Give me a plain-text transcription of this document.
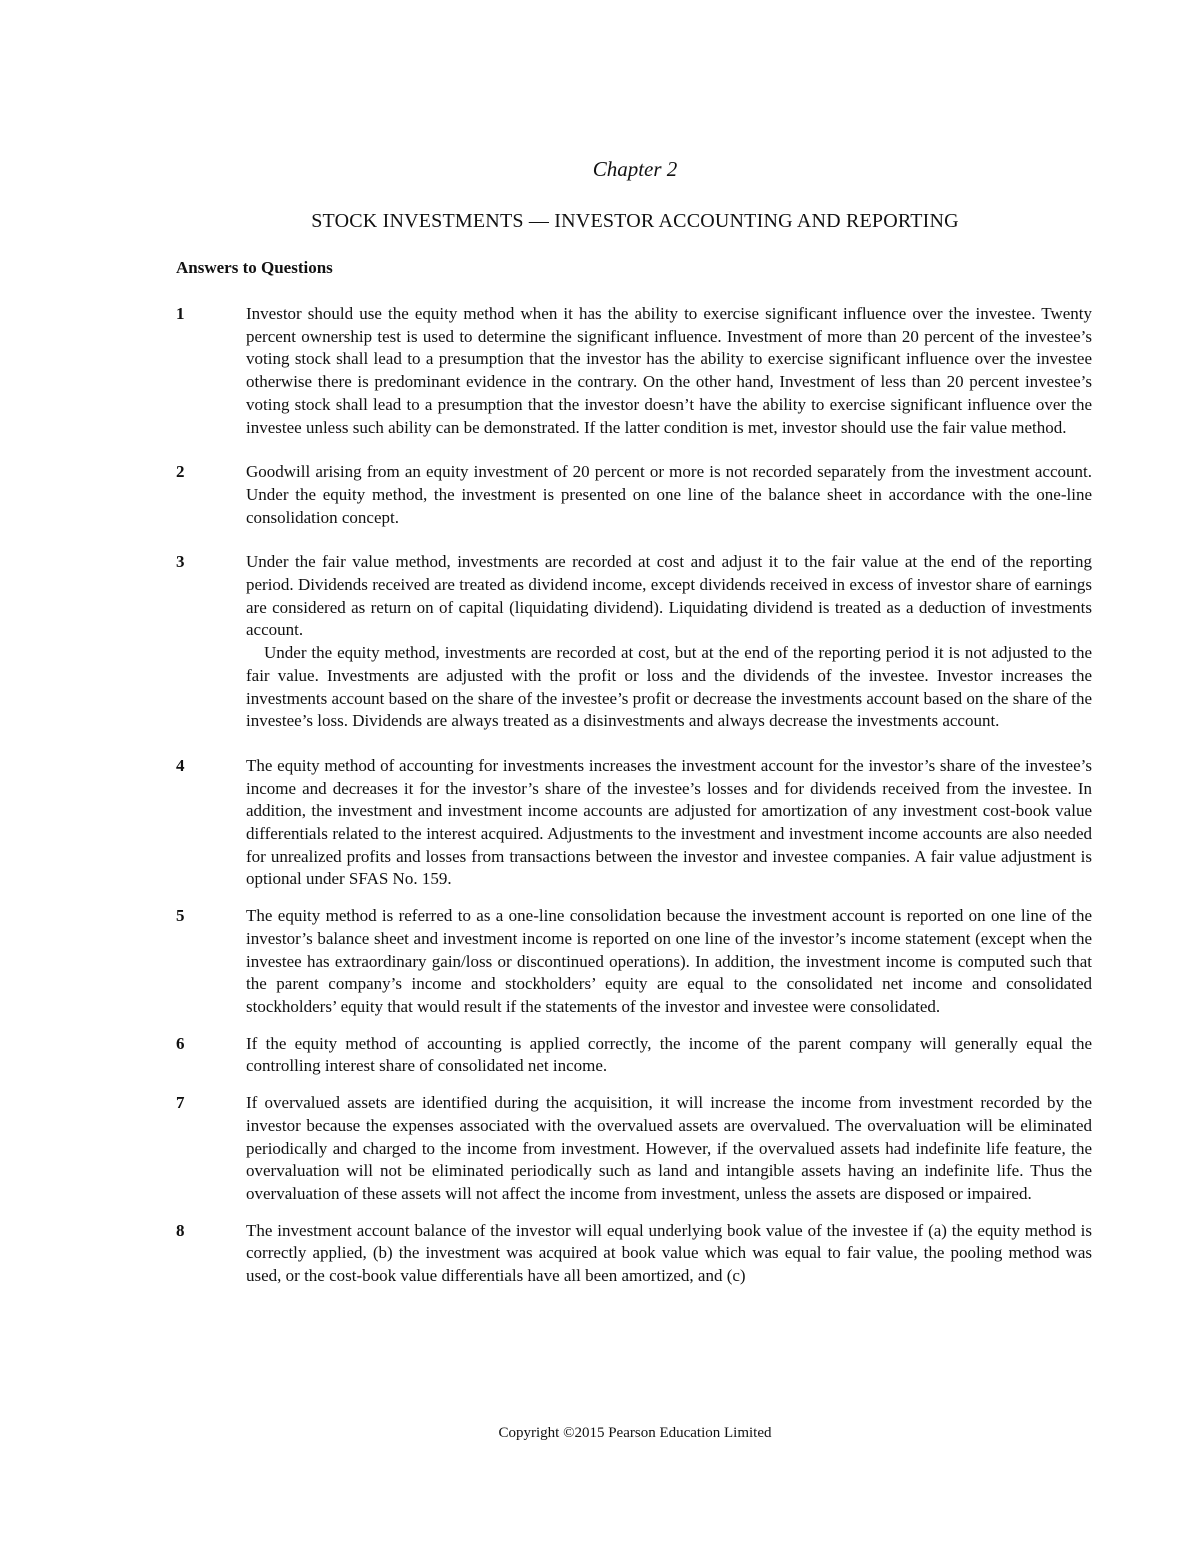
Chapter 2
STOCK INVESTMENTS — INVESTOR ACCOUNTING AND REPORTING
Answers to Questions
1	Investor should use the equity method when it has the ability to exercise significant influence over the investee. Twenty percent ownership test is used to determine the significant influence. Investment of more than 20 percent of the investee’s voting stock shall lead to a presumption that the investor has the ability to exercise significant influence over the investee otherwise there is predominant evidence in the contrary. On the other hand, Investment of less than 20 percent investee’s voting stock shall lead to a presumption that the investor doesn’t have the ability to exercise significant influence over the investee unless such ability can be demonstrated. If the latter condition is met, investor should use the fair value method.

2	Goodwill arising from an equity investment of 20 percent or more is not recorded separately from the investment account. Under the equity method, the investment is presented on one line of the balance sheet in accordance with the one-line consolidation concept.

3	Under the fair value method, investments are recorded at cost and adjust it to the fair value at the end of the reporting period. Dividends received are treated as dividend income, except dividends received in excess of investor share of earnings are considered as return on of capital (liquidating dividend). Liquidating dividend is treated as a deduction of investments account.

Under the equity method, investments are recorded at cost, but at the end of the reporting period it is not adjusted to the fair value. Investments are adjusted with the profit or loss and the dividends of the investee. Investor increases the investments account based on the share of the investee’s profit or decrease the investments account based on the share of the investee’s loss. Dividends are always treated as a disinvestments and always decrease the investments account.

4	The equity method of accounting for investments increases the investment account for the investor’s share of the investee’s income and decreases it for the investor’s share of the investee’s losses and for dividends received from the investee. In addition, the investment and investment income accounts are adjusted for amortization of any investment cost-book value differentials related to the interest acquired. Adjustments to the investment and investment income accounts are also needed for unrealized profits and losses from transactions between the investor and investee companies. A fair value adjustment is optional under SFAS No. 159.

5	The equity method is referred to as a one-line consolidation because the investment account is reported on one line of the investor’s balance sheet and investment income is reported on one line of the investor’s income statement (except when the investee has extraordinary gain/loss or discontinued operations). In addition, the investment income is computed such that the parent company’s income and stockholders’ equity are equal to the consolidated net income and consolidated stockholders’ equity that would result if the statements of the investor and investee were consolidated.

6	If the equity method of accounting is applied correctly, the income of the parent company will generally equal the controlling interest share of consolidated net income.

7	If overvalued assets are identified during the acquisition, it will increase the income from investment recorded by the investor because the expenses associated with the overvalued assets are overvalued. The overvaluation will be eliminated periodically and charged to the income from investment. However, if the overvalued assets had indefinite life feature, the overvaluation will not be eliminated periodically such as land and intangible assets having an indefinite life. Thus the overvaluation of these assets will not affect the income from investment, unless the assets are disposed or impaired.

8	The investment account balance of the investor will equal underlying book value of the investee if (a) the equity method is correctly applied, (b) the investment was acquired at book value which was equal to fair value, the pooling method was used, or the cost-book value differentials have all been amortized, and (c)

Copyright ©2015 Pearson Education Limited
